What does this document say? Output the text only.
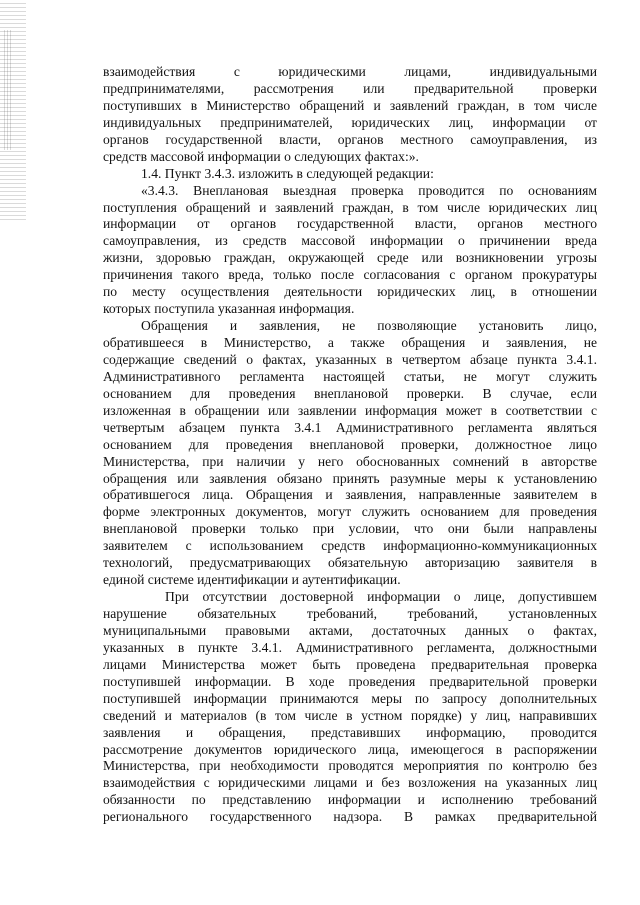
взаимодействия с юридическими лицами, индивидуальными
предпринимателями, рассмотрения или предварительной проверки
поступивших в Министерство обращений и заявлений граждан, в том числе
индивидуальных предпринимателей, юридических лиц, информации от
органов государственной власти, органов местного самоуправления, из
средств массовой информации о следующих фактах:».
1.4. Пункт 3.4.3. изложить в следующей редакции:
«3.4.3. Внеплановая выездная проверка проводится по основаниям
поступления обращений и заявлений граждан, в том числе юридических лиц
информации от органов государственной власти, органов местного
самоуправления, из средств массовой информации о причинении вреда
жизни, здоровью граждан, окружающей среде или возникновении угрозы
причинения такого вреда, только после согласования с органом прокуратуры
по месту осуществления деятельности юридических лиц, в отношении
которых поступила указанная информация.
Обращения и заявления, не позволяющие установить лицо,
обратившееся в Министерство, а также обращения и заявления, не
содержащие сведений о фактах, указанных в четвертом абзаце пункта 3.4.1.
Административного регламента настоящей статьи, не могут служить
основанием для проведения внеплановой проверки. В случае, если
изложенная в обращении или заявлении информация может в соответствии с
четвертым абзацем пункта 3.4.1 Административного регламента являться
основанием для проведения внеплановой проверки, должностное лицо
Министерства, при наличии у него обоснованных сомнений в авторстве
обращения или заявления обязано принять разумные меры к установлению
обратившегося лица. Обращения и заявления, направленные заявителем в
форме электронных документов, могут служить основанием для проведения
внеплановой проверки только при условии, что они были направлены
заявителем с использованием средств информационно-коммуникационных
технологий, предусматривающих обязательную авторизацию заявителя в
единой системе идентификации и аутентификации.
При отсутствии достоверной информации о лице, допустившем
нарушение обязательных требований, требований, установленных
муниципальными правовыми актами, достаточных данных о фактах,
указанных в пункте 3.4.1. Административного регламента, должностными
лицами Министерства может быть проведена предварительная проверка
поступившей информации. В ходе проведения предварительной проверки
поступившей информации принимаются меры по запросу дополнительных
сведений и материалов (в том числе в устном порядке) у лиц, направивших
заявления и обращения, представивших информацию, проводится
рассмотрение документов юридического лица, имеющегося в распоряжении
Министерства, при необходимости проводятся мероприятия по контролю без
взаимодействия с юридическими лицами и без возложения на указанных лиц
обязанности по представлению информации и исполнению требований
регионального государственного надзора. В рамках предварительной
